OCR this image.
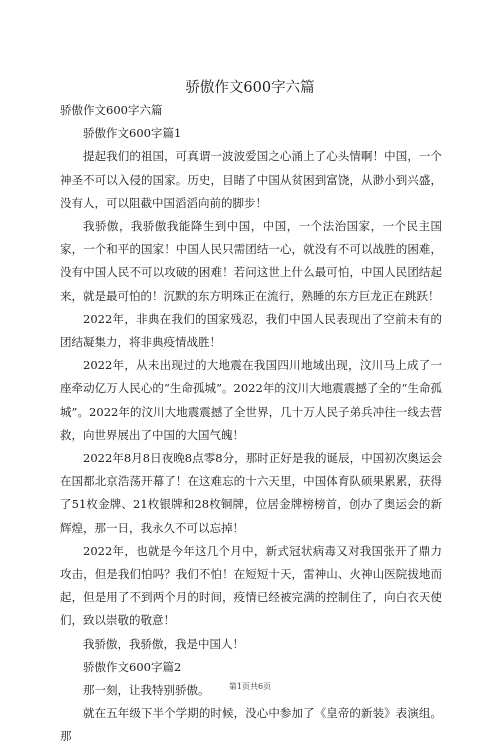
骄傲作文600字六篇

骄傲作文600字六篇

骄傲作文600字篇1

提起我们的祖国，可真谓一波波爱国之心涌上了心头情啊！中国，一个神圣不可以入侵的国家。历史，目睹了中国从贫困到富饶，从渺小到兴盛，没有人，可以阻截中国滔滔向前的脚步！

我骄傲，我骄傲我能降生到中国，中国，一个法治国家，一个民主国家，一个和平的国家！中国人民只需团结一心，就没有不可以战胜的困难，没有中国人民不可以攻破的困难！若问这世上什么最可怕，中国人民团结起来，就是最可怕的！沉默的东方明珠正在流行，熟睡的东方巨龙正在跳跃！

2022年，非典在我们的国家残忍，我们中国人民表现出了空前未有的团结凝集力，将非典疫情战胜！

2022年，从未出现过的大地震在我国四川地域出现，汶川马上成了一座牵动亿万人民心的“生命孤城”。2022年的汶川大地震震撼了全的“生命孤城”。2022年的汶川大地震震撼了全世界，几十万人民子弟兵冲往一线去营救，向世界展出了中国的大国气魄！

2022年8月8日夜晚8点零8分，那时正好是我的诞辰，中国初次奥运会在国都北京浩荡开幕了！在这难忘的十六天里，中国体育队硕果累累，获得了51枚金牌、21枚银牌和28枚铜牌，位居金牌榜榜首，创办了奥运会的新辉煌，那一日，我永久不可以忘掉！

2022年，也就是今年这几个月中，新式冠状病毒又对我国张开了鼎力攻击，但是我们怕吗？我们不怕！在短短十天，雷神山、火神山医院拔地而起，但是用了不到两个月的时间，疫情已经被完满的控制住了，向白衣天使们，致以崇敬的敬意！

我骄傲，我骄傲，我是中国人！

骄傲作文600字篇2

那一刻，让我特别骄傲。

就在五年级下半个学期的时候，没心中参加了《皇帝的新装》表演组。那

第1页共6页
